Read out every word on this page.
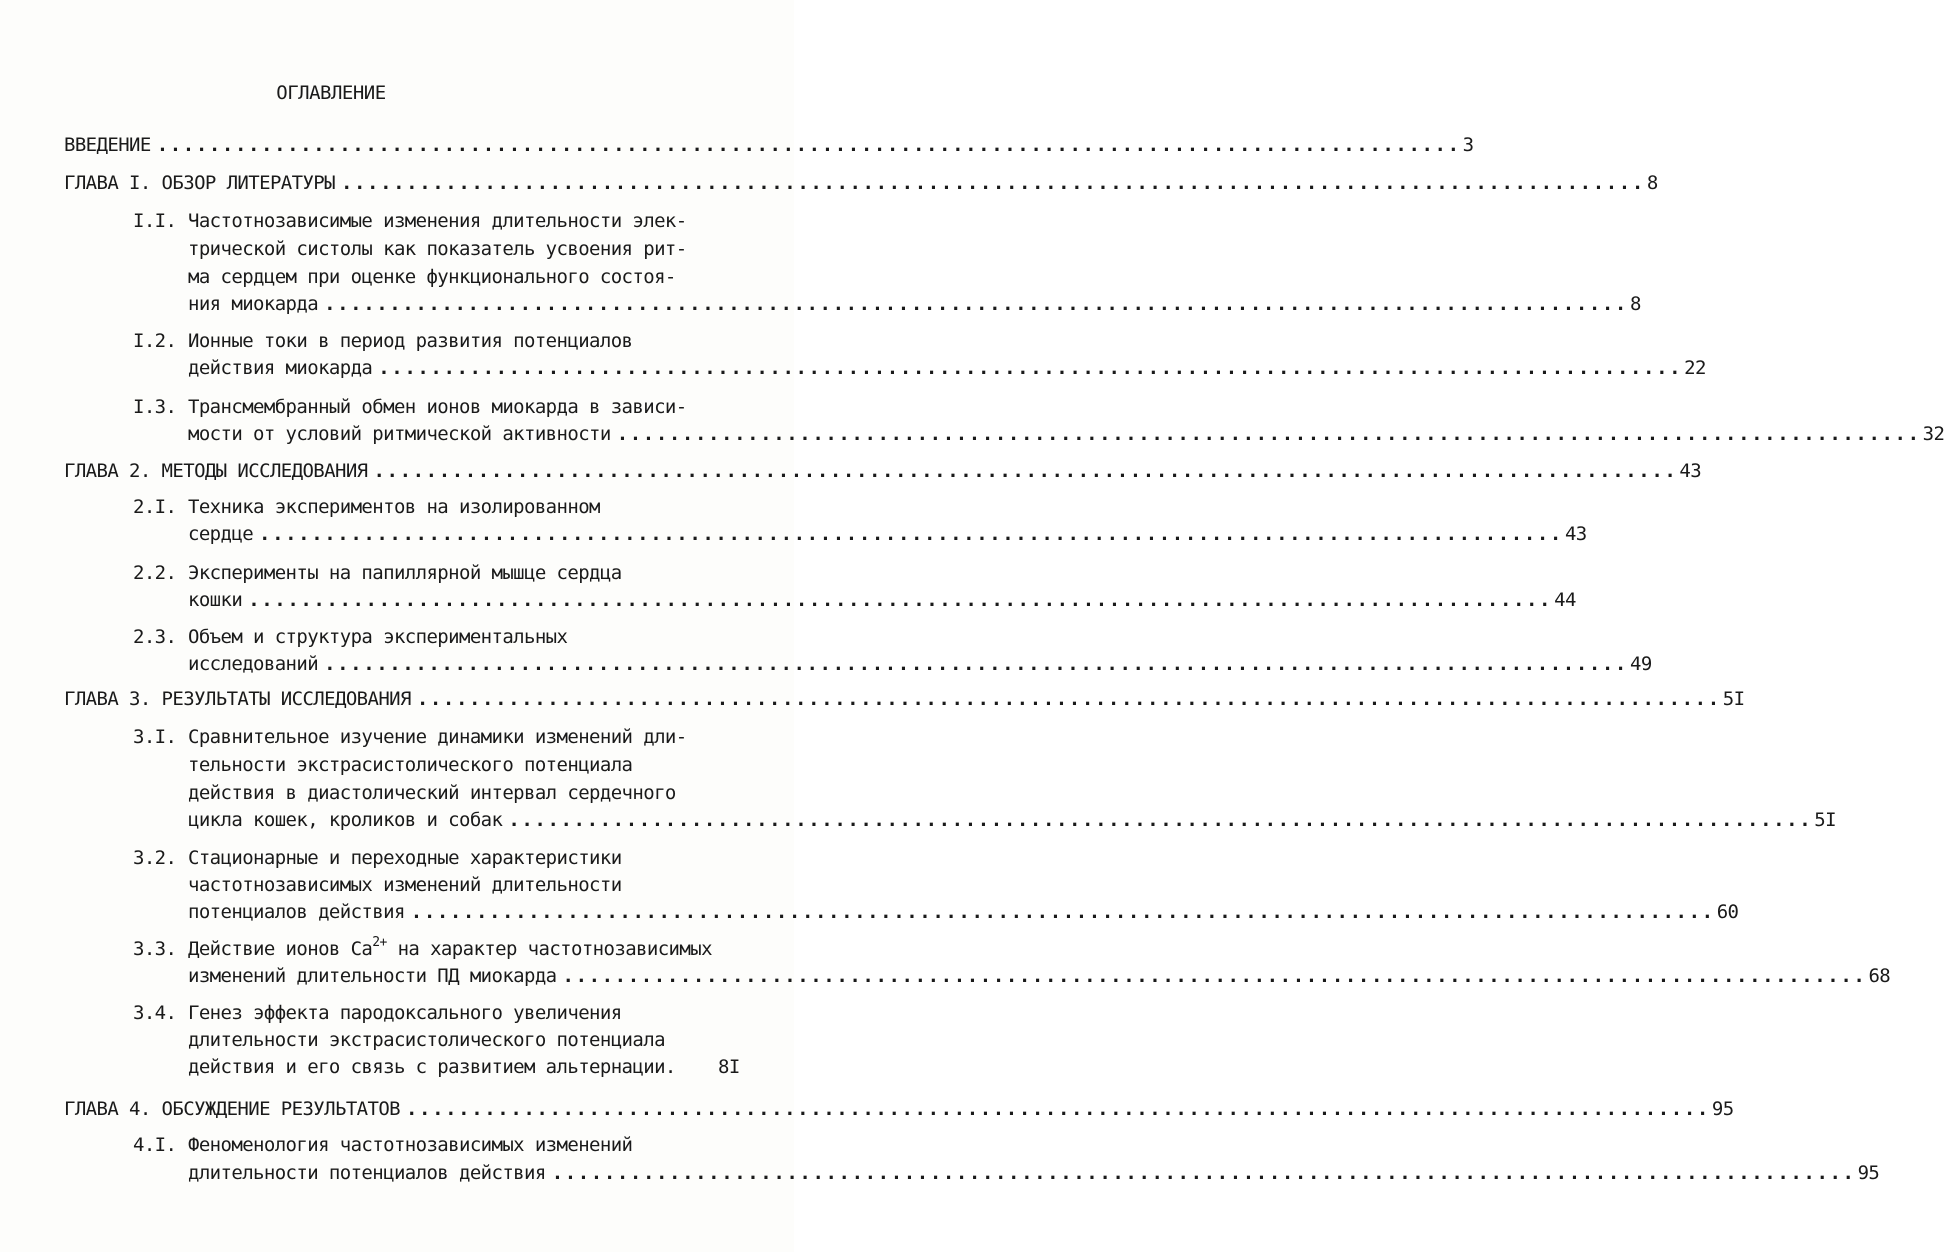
ОГЛАВЛЕНИЕ
ВВЕДЕНИЕ .................................................................................................... 3
ГЛАВА I. ОБЗОР ЛИТЕРАТУРЫ .................................................................................................... 8
I.I. Частотнозависимые изменения длительности элек-
трической систолы как показатель усвоения рит-
ма сердцем при оценке функционального состоя-
ния миокарда .................................................................................................... 8
I.2. Ионные токи в период развития потенциалов
действия миокарда .................................................................................................... 22
I.3. Трансмембранный обмен ионов миокарда в зависи-
мости от условий ритмической активности .................................................................................................... 32
ГЛАВА 2. МЕТОДЫ ИССЛЕДОВАНИЯ .................................................................................................... 43
2.I. Техника экспериментов на изолированном
сердце .................................................................................................... 43
2.2. Эксперименты на папиллярной мышце сердца
кошки .................................................................................................... 44
2.3. Объем и структура экспериментальных
исследований .................................................................................................... 49
ГЛАВА 3. РЕЗУЛЬТАТЫ ИССЛЕДОВАНИЯ .................................................................................................... 5I
3.I. Сравнительное изучение динамики изменений дли-
тельности экстрасистолического потенциала
действия в диастолический интервал сердечного
цикла кошек, кроликов и собак .................................................................................................... 5I
3.2. Стационарные и переходные характеристики
частотнозависимых изменений длительности
потенциалов действия .................................................................................................... 60
3.3. Действие ионов $Са^{2+}$ на характер частотнозависимых
изменений длительности ПД миокарда .................................................................................................... 68
3.4. Генез эффекта пародоксального увеличения
длительности экстрасистолического потенциала
действия и его связь с развитием альтернации.	8I
ГЛАВА 4. ОБСУЖДЕНИЕ РЕЗУЛЬТАТОВ .................................................................................................... 95
4.I. Феноменология частотнозависимых изменений
длительности потенциалов действия .................................................................................................... 95
